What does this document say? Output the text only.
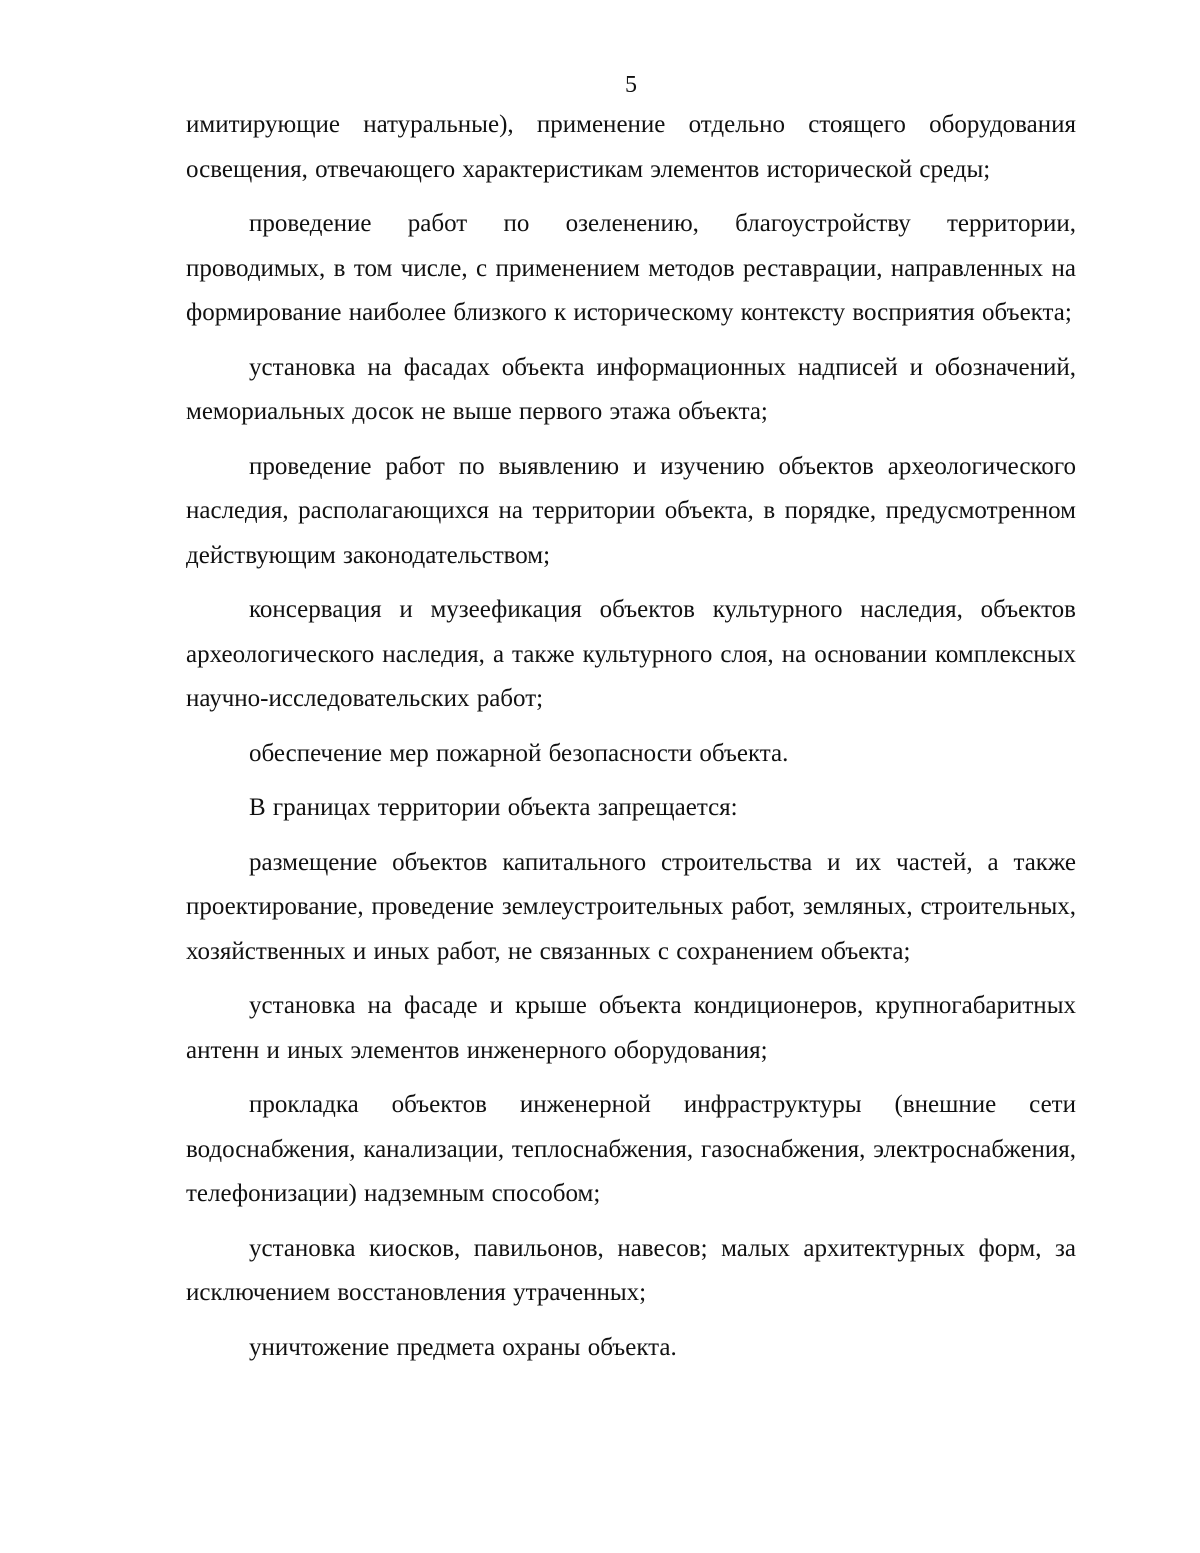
5

имитирующие натуральные), применение отдельно стоящего оборудования освещения, отвечающего характеристикам элементов исторической среды;

проведение работ по озеленению, благоустройству территории, проводимых, в том числе, с применением методов реставрации, направленных на формирование наиболее близкого к историческому контексту восприятия объекта;

установка на фасадах объекта информационных надписей и обозначений, мемориальных досок не выше первого этажа объекта;

проведение работ по выявлению и изучению объектов археологического наследия, располагающихся на территории объекта, в порядке, предусмотренном действующим законодательством;

консервация и музеефикация объектов культурного наследия, объектов археологического наследия, а также культурного слоя, на основании комплексных научно-исследовательских работ;

обеспечение мер пожарной безопасности объекта.

В границах территории объекта запрещается:

размещение объектов капитального строительства и их частей, а также проектирование, проведение землеустроительных работ, земляных, строительных, хозяйственных и иных работ, не связанных с сохранением объекта;

установка на фасаде и крыше объекта кондиционеров, крупногабаритных антенн и иных элементов инженерного оборудования;

прокладка объектов инженерной инфраструктуры (внешние сети водоснабжения, канализации, теплоснабжения, газоснабжения, электроснабжения, телефонизации) надземным способом;

установка киосков, павильонов, навесов; малых архитектурных форм, за исключением восстановления утраченных;

уничтожение предмета охраны объекта.
